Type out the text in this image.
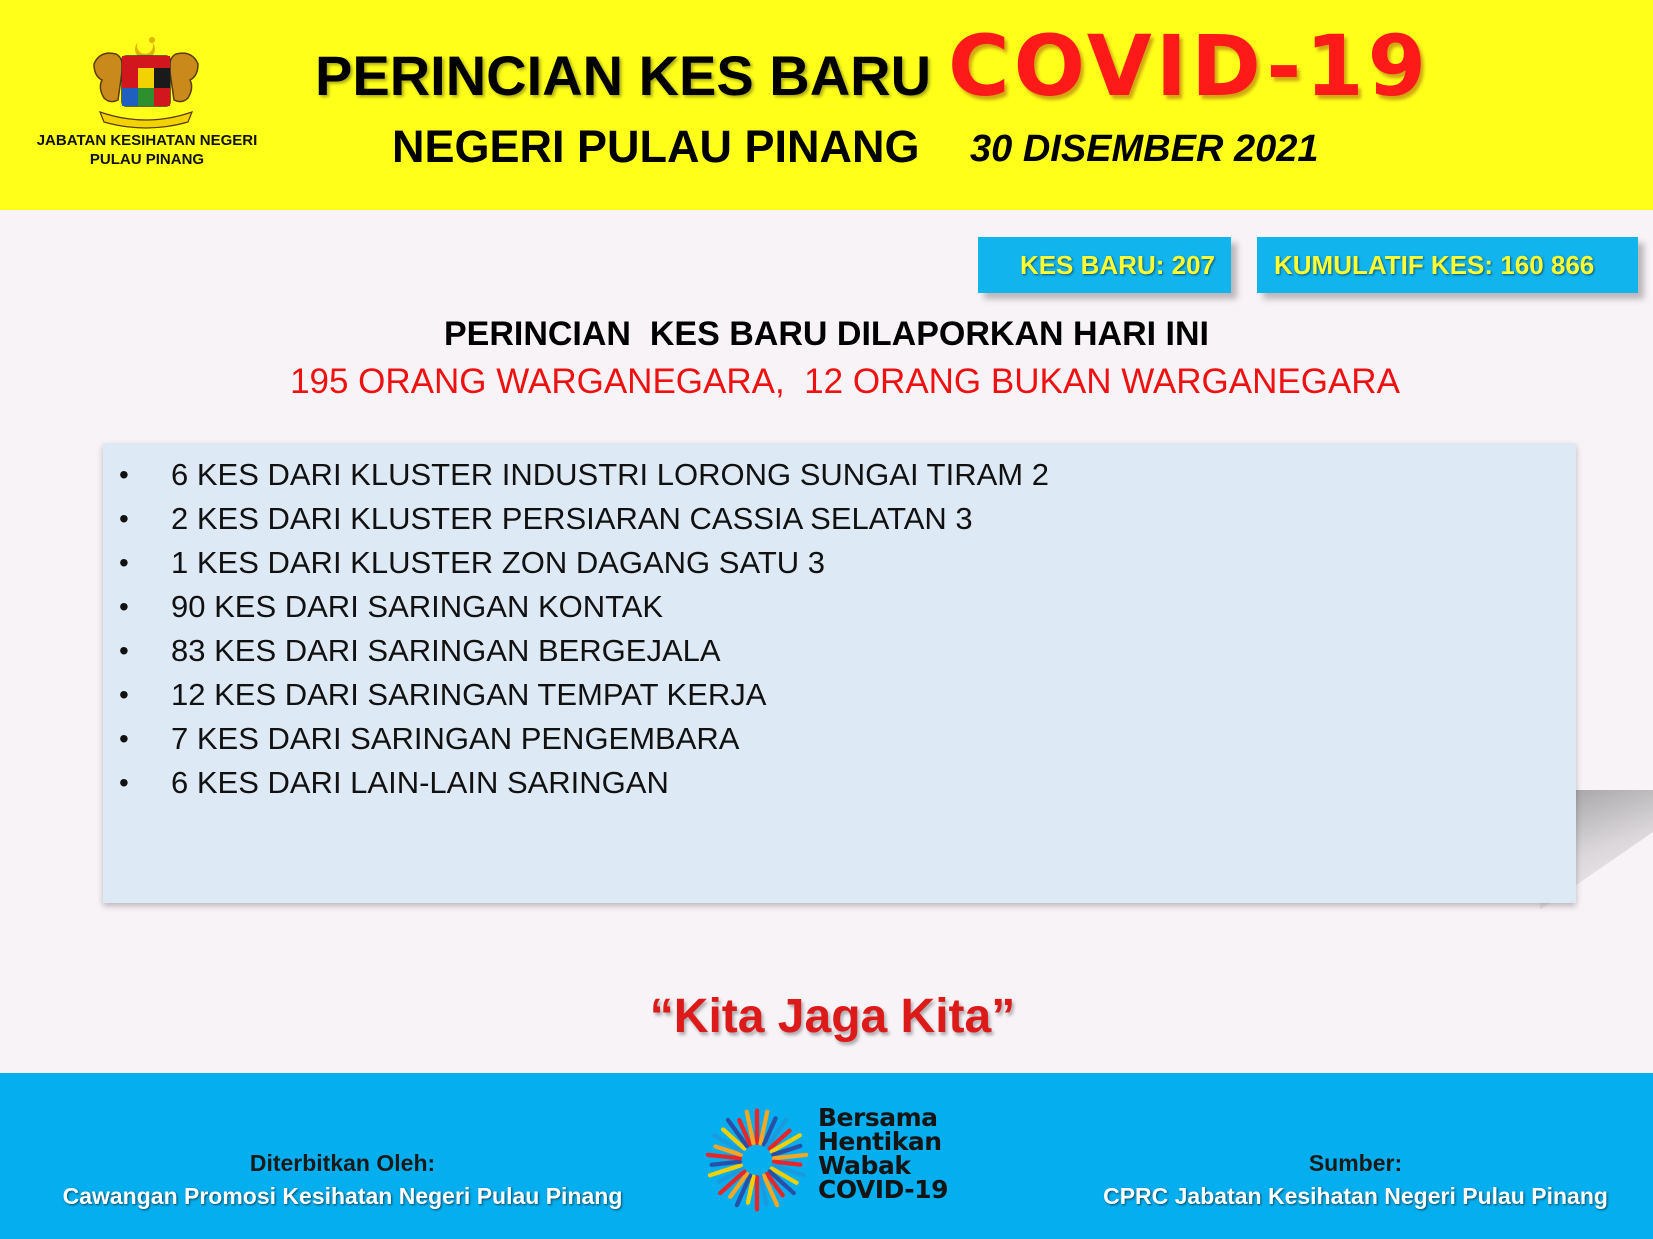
JABATAN KESIHATAN NEGERI
PULAU PINANG
PERINCIAN KES BARU COVID-19
NEGERI PULAU PINANG 30 DISEMBER 2021
KES BARU: 207	KUMULATIF KES: 160 866
PERINCIAN  KES BARU DILAPORKAN HARI INI
195 ORANG WARGANEGARA,  12 ORANG BUKAN WARGANEGARA
• 6 KES DARI KLUSTER INDUSTRI LORONG SUNGAI TIRAM 2
• 2 KES DARI KLUSTER PERSIARAN CASSIA SELATAN 3
• 1 KES DARI KLUSTER ZON DAGANG SATU 3
• 90 KES DARI SARINGAN KONTAK
• 83 KES DARI SARINGAN BERGEJALA
• 12 KES DARI SARINGAN TEMPAT KERJA
• 7 KES DARI SARINGAN PENGEMBARA
• 6 KES DARI LAIN-LAIN SARINGAN
“Kita Jaga Kita”
Diterbitkan Oleh:
Cawangan Promosi Kesihatan Negeri Pulau Pinang
Bersama
Hentikan
Wabak
COVID-19
Sumber:
CPRC Jabatan Kesihatan Negeri Pulau Pinang
